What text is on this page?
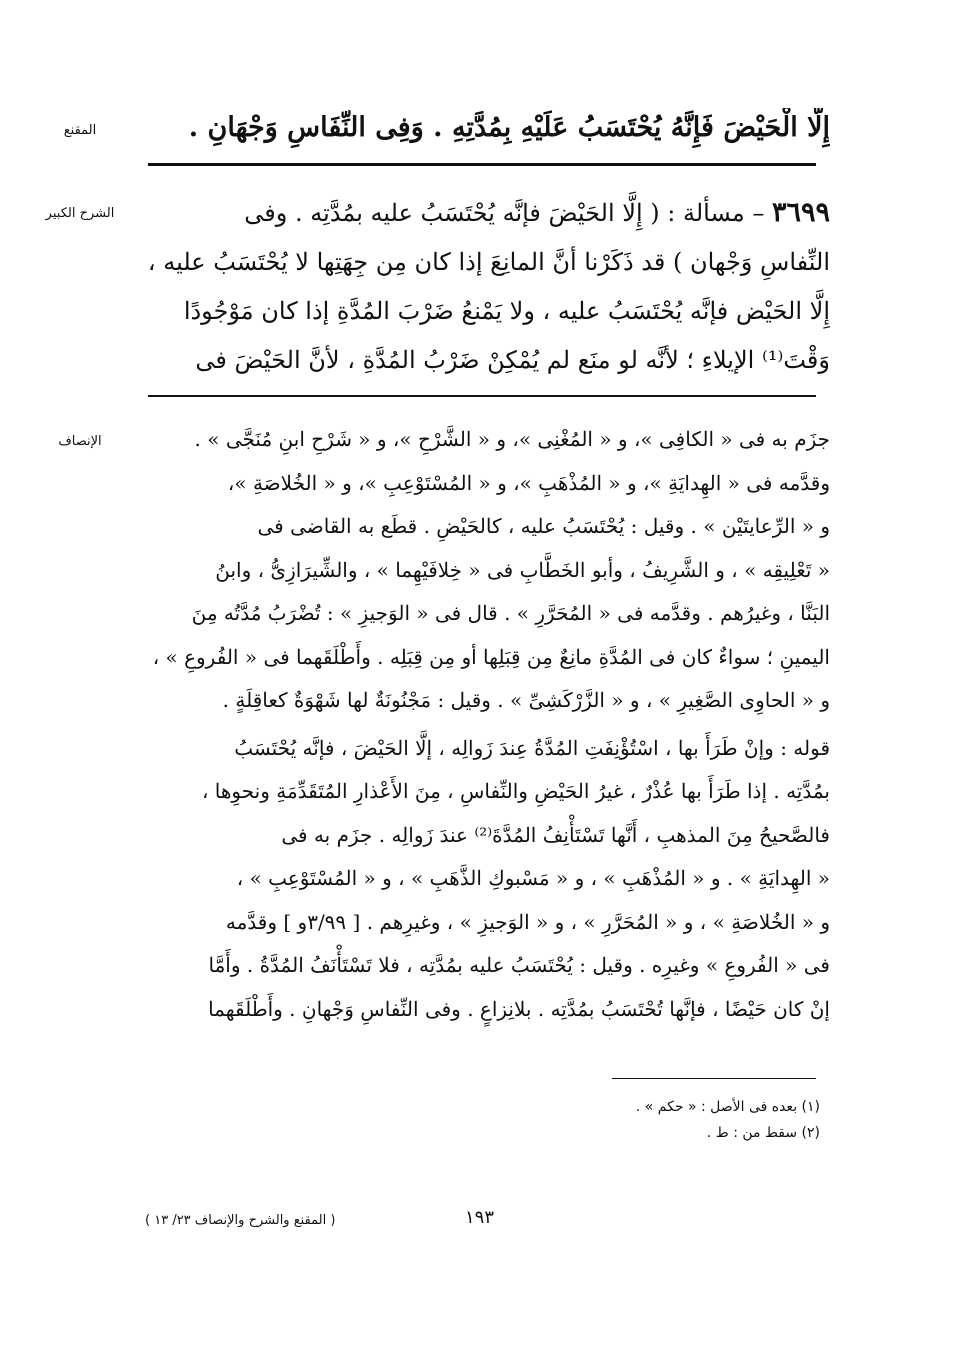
المقنع
الشرح الكبير
الإنصاف
إِلَّا الْحَيْضَ فَإِنَّهُ يُحْتَسَبُ عَلَيْهِ بِمُدَّتِهِ . وَفِى النِّفَاسِ وَجْهَانِ .
٣٦٩٩ – مسألة : ( إِلَّا الحَيْضَ فإنَّه يُحْتَسَبُ عليه بمُدَّتِه . وفى
النِّفاسِ وَجْهان ) قد ذَكَرْنا أنَّ المانِعَ إذا كان مِن جِهَتِها لا يُحْتَسَبُ عليه ،
إِلَّا الحَيْض فإنَّه يُحْتَسَبُ عليه ، ولا يَمْنعُ ضَرْبَ المُدَّةِ إذا كان مَوْجُودًا
وَقْتَ⁽¹⁾ الإيلاءِ ؛ لأنَّه لو منَع لم يُمْكِنْ ضَرْبُ المُدَّةِ ، لأنَّ الحَيْضَ فى
جزَم به فى « الكافِى »، و « المُغْنِى »، و « الشَّرْحِ »، و « شَرْحِ ابنِ مُنَجَّى » .
وقدَّمه فى « الهِدايَةِ »، و « المُذْهَبِ »، و « المُسْتَوْعِبِ »، و « الخُلاصَةِ »،
و « الرِّعايتَيْن » . وقيل : يُحْتَسَبُ عليه ، كالحَيْضِ . قطَع به القاضى فى
« تَعْلِيقِه » ، و الشَّرِيفُ ، وأبو الخَطَّابِ فى « خِلافَيْهِما » ، والشِّيرَازِىُّ ، وابنُ
البَنَّا ، وغيرُهم . وقدَّمه فى « المُحَرَّرِ » . قال فى « الوَجيزِ » : تُضْرَبُ مُدَّتُه مِنَ
اليمينِ ؛ سواءٌ كان فى المُدَّةِ مانِعٌ مِن قِبَلِها أو مِن قِبَلِه . وأَطْلَقَهما فى « الفُروعِ » ،
و « الحاوِى الصَّغِيرِ » ، و « الزَّرْكَشِىِّ » . وقيل : مَجْنُونَةٌ لها شَهْوَةٌ كعاقِلَةٍ .
قوله : وإنْ طَرَأَ بها ، اسْتُؤْنِفَتِ المُدَّةُ عِندَ زَوالِه ، إلَّا الحَيْضَ ، فإنَّه يُحْتَسَبُ
بمُدَّتِه . إذا طَرَأَ بها عُذْرٌ ، غيرُ الحَيْضِ والنِّفاسِ ، مِنَ الأَعْذارِ المُتَقَدِّمَةِ ونحوِها ،
فالصَّحيحُ مِنَ المذهبِ ، أَنَّها تَسْتَأْنِفُ المُدَّةَ⁽²⁾ عندَ زَوالِه . جزَم به فى
« الهِدايَةِ » . و « المُذْهَبِ » ، و « مَسْبوكِ الذَّهَبِ » ، و « المُسْتَوْعِبِ » ،
و « الخُلاصَةِ » ، و « المُحَرَّرِ » ، و « الوَجيزِ » ، وغيرِهم . [ ٣/٩٩و ] وقدَّمه
فى « الفُروعِ » وغيرِه . وقيل : يُحْتَسَبُ عليه بمُدَّتِه ، فلا تَسْتَأْنَفُ المُدَّةُ . وأَمَّا
إنْ كان حَيْضًا ، فإنَّها تُحْتَسَبُ بمُدَّتِه . بلانِزاعٍ . وفى النِّفاسِ وَجْهانِ . وأَطْلَقَهما
(١) بعده فى الأصل : « حكم » .
(٢) سقط من : ط .
١٩٣
( المقنع والشرح والإنصاف ٢٣/ ١٣ )
